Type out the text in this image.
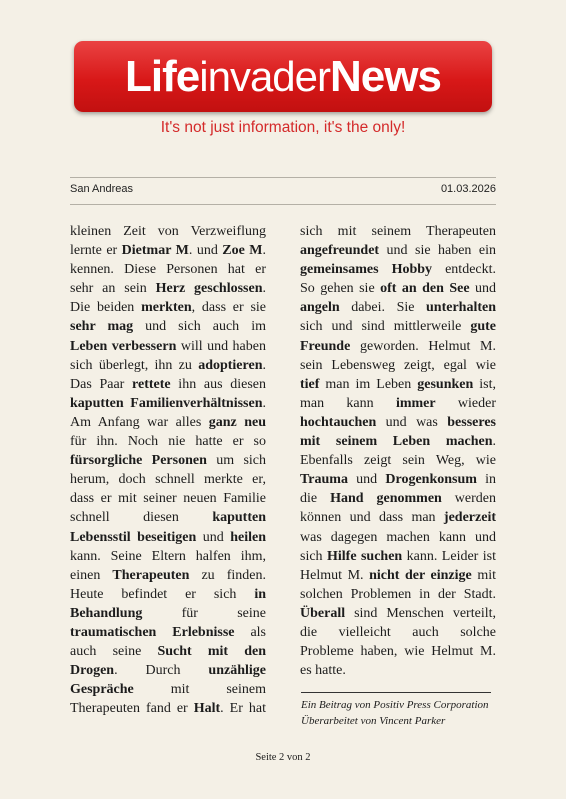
Life invader News
It's not just information, it's the only!
San Andreas	01.03.2026
kleinen Zeit von Verzweiflung
lernte er Dietmar M. und Zoe M.
kennen. Diese Personen hat er
sehr an sein Herz geschlossen.
Die beiden merkten, dass er sie
sehr mag und sich auch im
Leben verbessern will und haben
sich überlegt, ihn zu adoptieren.
Das Paar rettete ihn aus diesen
kaputten Familienverhältnissen.
Am Anfang war alles ganz neu
für ihn. Noch nie hatte er so
fürsorgliche Personen um sich
herum, doch schnell merkte er,
dass er mit seiner neuen Familie
schnell diesen kaputten
Lebensstil beseitigen und heilen
kann. Seine Eltern halfen ihm,
einen Therapeuten zu finden.
Heute befindet er sich in
Behandlung für seine
traumatischen Erlebnisse als
auch seine Sucht mit den
Drogen. Durch unzählige
Gespräche mit seinem
Therapeuten fand er Halt. Er hat
sich mit seinem Therapeuten
angefreundet und sie haben ein
gemeinsames Hobby entdeckt.
So gehen sie oft an den See und
angeln dabei. Sie unterhalten
sich und sind mittlerweile gute
Freunde geworden. Helmut M.
sein Lebensweg zeigt, egal wie
tief man im Leben gesunken ist,
man kann immer wieder
hochtauchen und was besseres
mit seinem Leben machen.
Ebenfalls zeigt sein Weg, wie
Trauma und Drogenkonsum in
die Hand genommen werden
können und dass man jederzeit
was dagegen machen kann und
sich Hilfe suchen kann. Leider ist
Helmut M. nicht der einzige mit
solchen Problemen in der Stadt.
Überall sind Menschen verteilt,
die vielleicht auch solche
Probleme haben, wie Helmut M.
es hatte.
Ein Beitrag von Positiv Press Corporation
Überarbeitet von Vincent Parker
Seite 2 von 2
